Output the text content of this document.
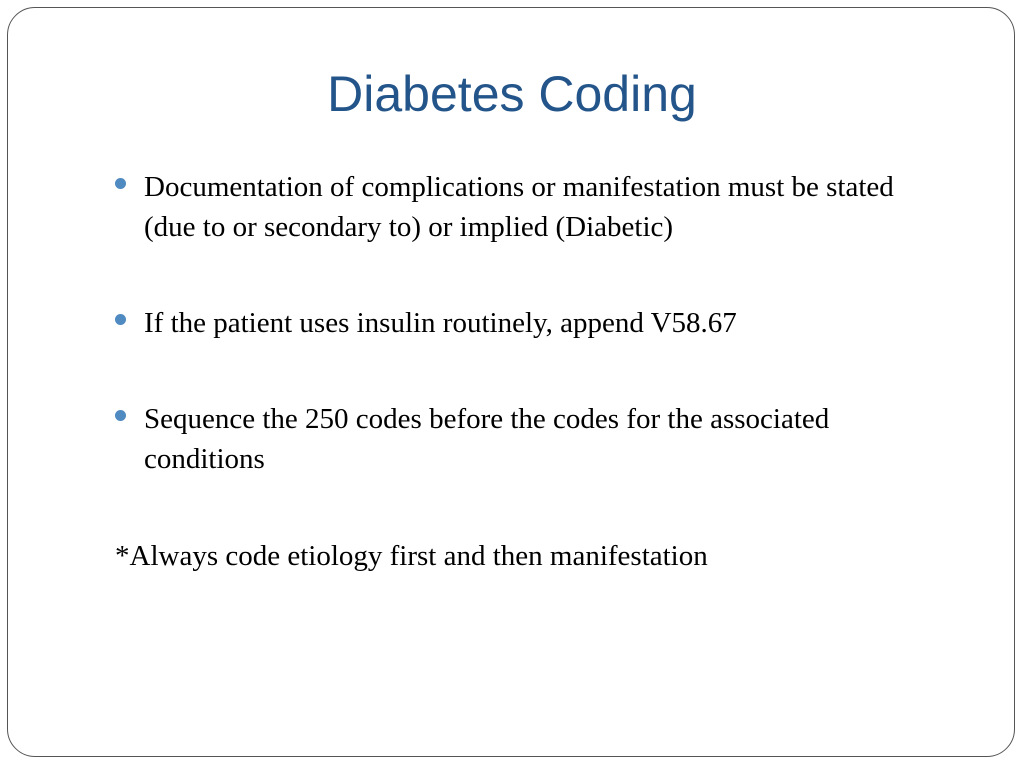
Diabetes Coding
Documentation of complications or manifestation must be stated (due to or secondary to) or implied (Diabetic)
If the patient uses insulin routinely, append V58.67
Sequence the 250 codes before the codes for the associated conditions

*Always code etiology first and then manifestation
